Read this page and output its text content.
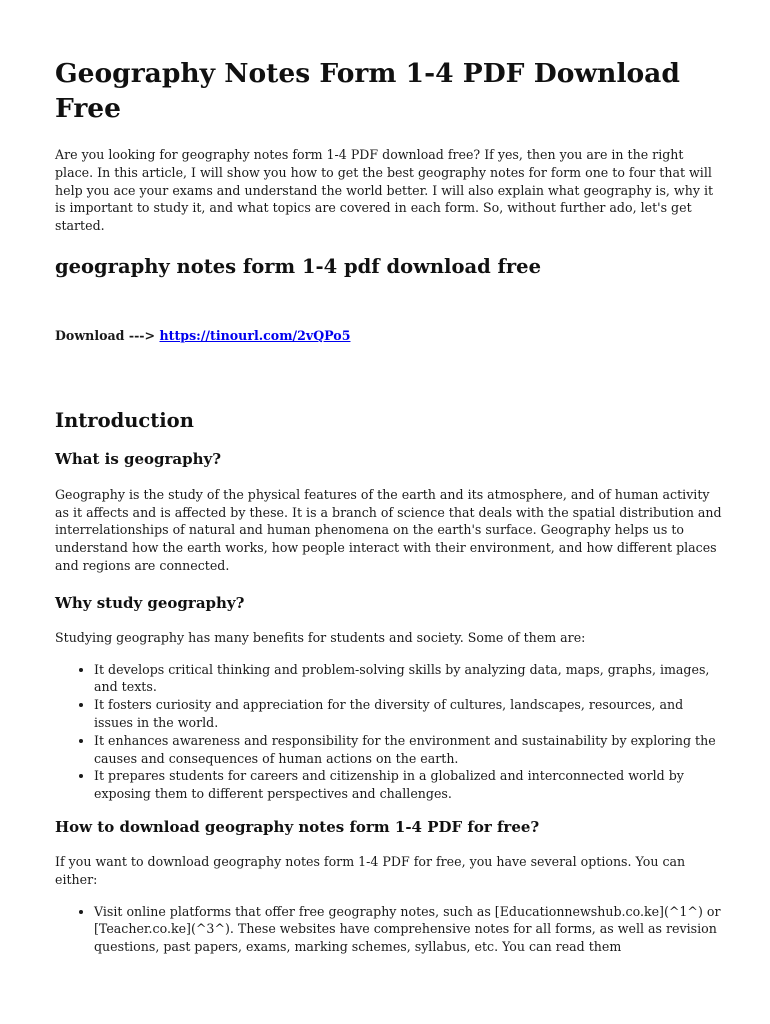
Geography Notes Form 1-4 PDF Download Free

Are you looking for geography notes form 1-4 PDF download free? If yes, then you are in the right place. In this article, I will show you how to get the best geography notes for form one to four that will help you ace your exams and understand the world better. I will also explain what geography is, why it is important to study it, and what topics are covered in each form. So, without further ado, let's get started.

geography notes form 1-4 pdf download free

Download ---> https://tinourl.com/2vQPo5

Introduction
What is geography?

Geography is the study of the physical features of the earth and its atmosphere, and of human activity as it affects and is affected by these. It is a branch of science that deals with the spatial distribution and interrelationships of natural and human phenomena on the earth's surface. Geography helps us to understand how the earth works, how people interact with their environment, and how different places and regions are connected.

Why study geography?

Studying geography has many benefits for students and society. Some of them are:

• It develops critical thinking and problem-solving skills by analyzing data, maps, graphs, images, and texts.
• It fosters curiosity and appreciation for the diversity of cultures, landscapes, resources, and issues in the world.
• It enhances awareness and responsibility for the environment and sustainability by exploring the causes and consequences of human actions on the earth.
• It prepares students for careers and citizenship in a globalized and interconnected world by exposing them to different perspectives and challenges.
How to download geography notes form 1-4 PDF for free?

If you want to download geography notes form 1-4 PDF for free, you have several options. You can either:

• Visit online platforms that offer free geography notes, such as [Educationnewshub.co.ke](^1^) or [Teacher.co.ke](^3^). These websites have comprehensive notes for all forms, as well as revision questions, past papers, exams, marking schemes, syllabus, etc. You can read them
